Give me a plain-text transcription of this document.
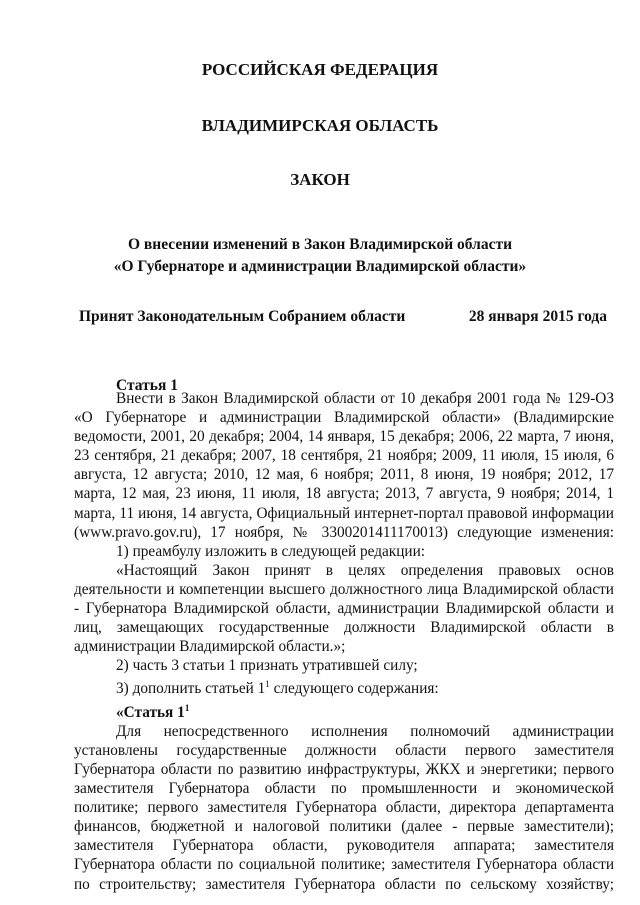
РОССИЙСКАЯ ФЕДЕРАЦИЯ
ВЛАДИМИРСКАЯ ОБЛАСТЬ
ЗАКОН
О внесении изменений в Закон Владимирской области
«О Губернаторе и администрации Владимирской области»
Принят Законодательным Собранием области	28 января 2015 года
Статья 1

Внести в Закон Владимирской области от 10 декабря 2001 года № 129-ОЗ

«О Губернаторе и администрации Владимирской области» (Владимирские

ведомости, 2001, 20 декабря; 2004, 14 января, 15 декабря; 2006, 22 марта, 7 июня,

23 сентября, 21 декабря; 2007, 18 сентября, 21 ноября; 2009, 11 июля, 15 июля, 6

августа, 12 августа; 2010, 12 мая, 6 ноября; 2011, 8 июня, 19 ноября; 2012, 17

марта, 12 мая, 23 июня, 11 июля, 18 августа; 2013, 7 августа, 9 ноября; 2014, 1

марта, 11 июня, 14 августа, Официальный интернет-портал правовой информации

(www.pravo.gov.ru), 17 ноября, № 3300201411170013) следующие изменения:

1) преамбулу изложить в следующей редакции:

«Настоящий Закон принят в целях определения правовых основ

деятельности и компетенции высшего должностного лица Владимирской области

- Губернатора Владимирской области, администрации Владимирской области и

лиц, замещающих государственные должности Владимирской области в

администрации Владимирской области.»;

2) часть 3 статьи 1 признать утратившей силу;

3) дополнить статьей $1^1$ следующего содержания:

«Статья $1^1$

Для непосредственного исполнения полномочий администрации

установлены государственные должности области первого заместителя

Губернатора области по развитию инфраструктуры, ЖКХ и энергетики; первого

заместителя Губернатора области по промышленности и экономической

политике; первого заместителя Губернатора области, директора департамента

финансов, бюджетной и налоговой политики (далее - первые заместители);

заместителя Губернатора области, руководителя аппарата; заместителя

Губернатора области по социальной политике; заместителя Губернатора области

по строительству; заместителя Губернатора области по сельскому хозяйству;
